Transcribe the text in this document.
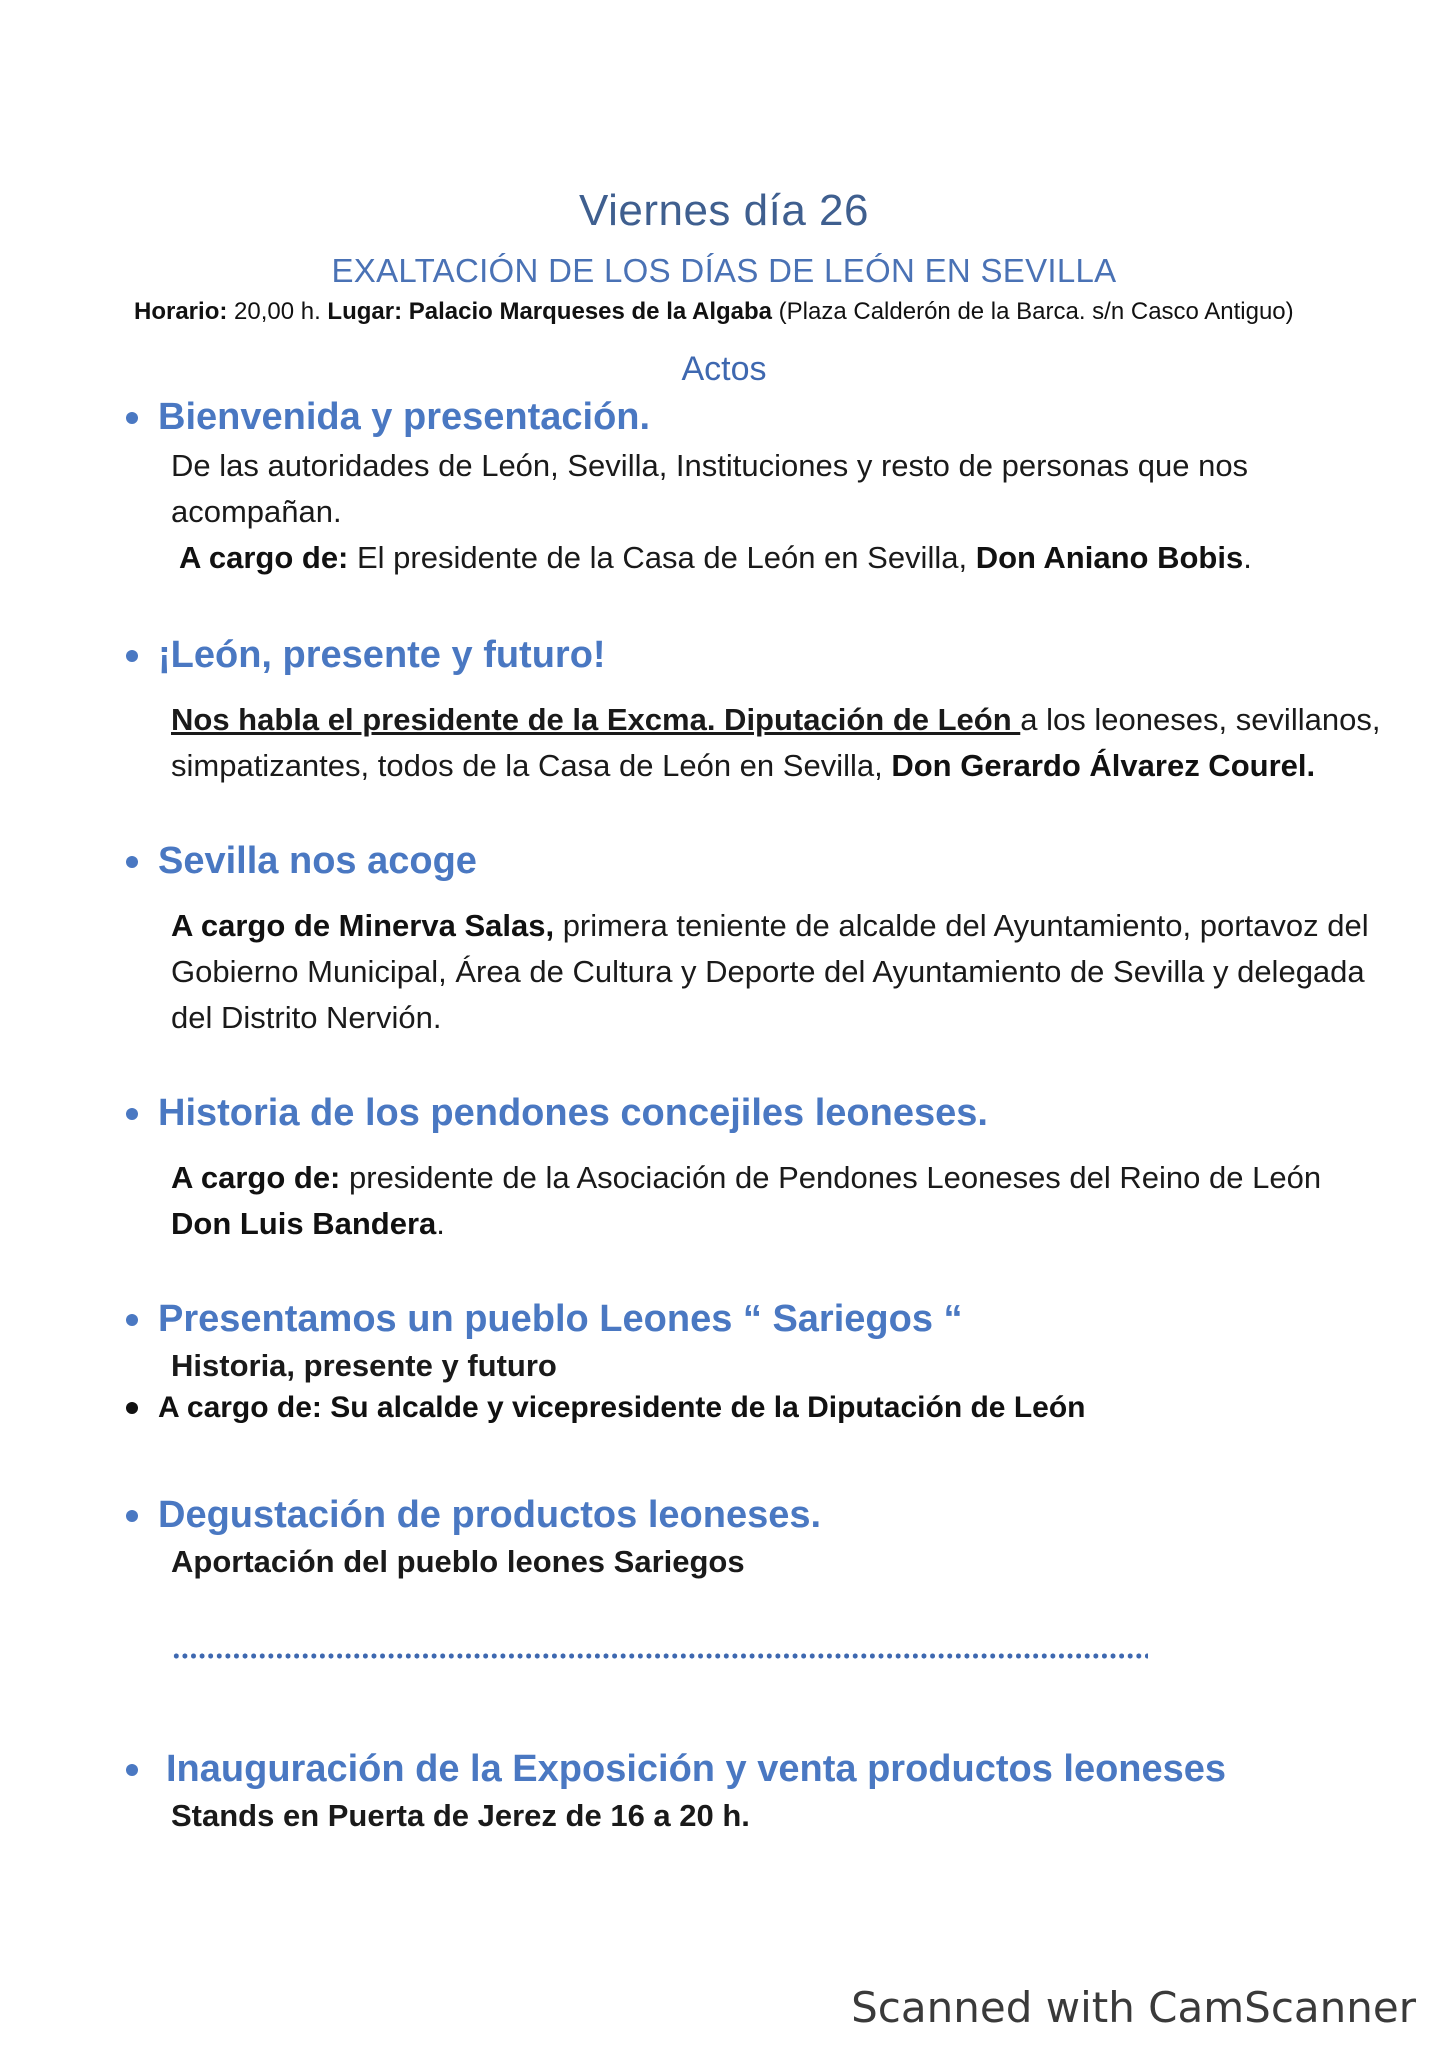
Viernes día 26
EXALTACIÓN DE LOS DÍAS DE LEÓN EN SEVILLA
Horario: 20,00 h. Lugar: Palacio Marqueses de la Algaba (Plaza Calderón de la Barca. s/n Casco Antiguo)
Actos
Bienvenida y presentación.
De las autoridades de León, Sevilla, Instituciones y resto de personas que nos
acompañan.
A cargo de: El presidente de la Casa de León en Sevilla, Don Aniano Bobis.
¡León, presente y futuro!
Nos habla el presidente de la Excma. Diputación de León a los leoneses, sevillanos,
simpatizantes, todos de la Casa de León en Sevilla, Don Gerardo Álvarez Courel.
Sevilla nos acoge
A cargo de Minerva Salas, primera teniente de alcalde del Ayuntamiento, portavoz del
Gobierno Municipal, Área de Cultura y Deporte del Ayuntamiento de Sevilla y delegada
del Distrito Nervión.
Historia de los pendones concejiles leoneses.
A cargo de: presidente de la Asociación de Pendones Leoneses del Reino de León
Don Luis Bandera.
Presentamos un pueblo Leones “ Sariegos “
Historia, presente y futuro
A cargo de: Su alcalde y vicepresidente de la Diputación de León
Degustación de productos leoneses.
Aportación del pueblo leones Sariegos
Inauguración de la Exposición y venta productos leoneses
Stands en Puerta de Jerez de 16 a 20 h.
Scanned with CamScanner
